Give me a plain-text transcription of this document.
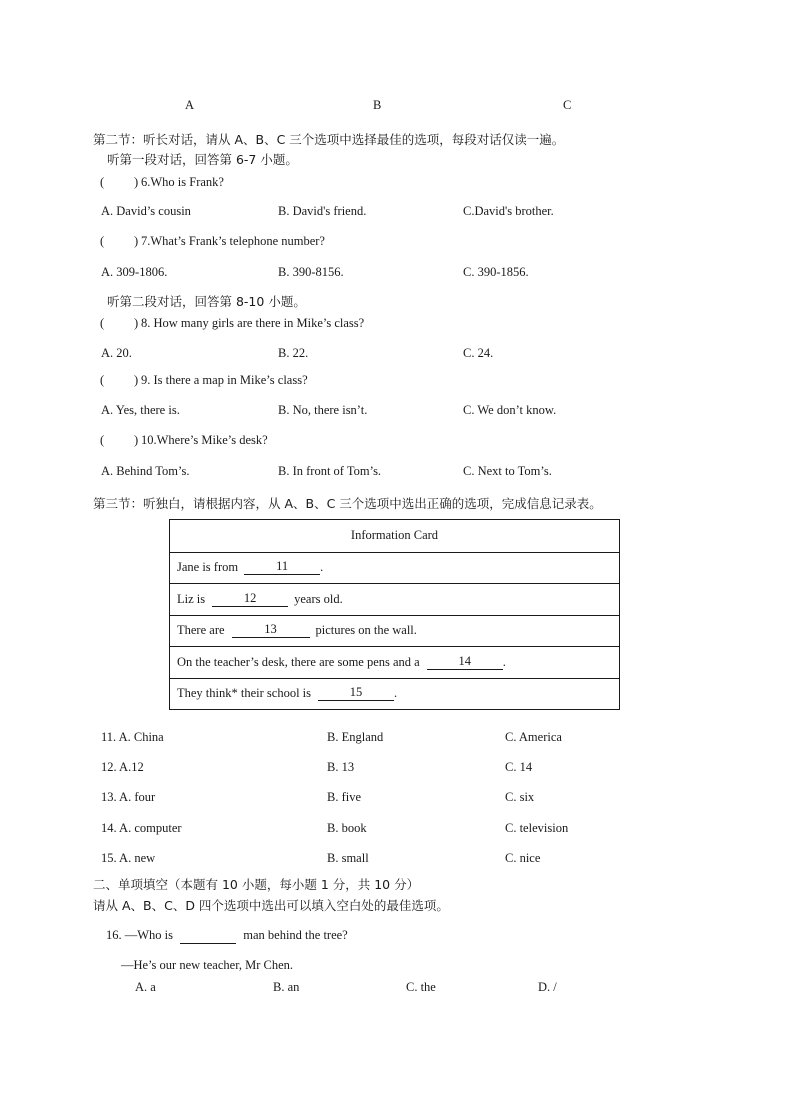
A	B	C
第二节：听长对话，请从 A、B、C 三个选项中选择最佳的选项，每段对话仅读一遍。
听第一段对话，回答第 6-7 小题。
( ) 6.Who is Frank?
A. David’s cousin	B. David's friend.	C.David's brother.
( ) 7.What’s Frank’s telephone number?
A. 309-1806.	B. 390-8156.	C. 390-1856.
听第二段对话，回答第 8-10 小题。
( ) 8. How many girls are there in Mike’s class?
A. 20.	B. 22.	C. 24.
( ) 9. Is there a map in Mike’s class?
A. Yes, there is.	B. No, there isn’t.	C. We don’t know.
( ) 10.Where’s Mike’s desk?
A. Behind Tom’s.	B. In front of Tom’s.	C. Next to Tom’s.
第三节：听独白，请根据内容，从 A、B、C 三个选项中选出正确的选项，完成信息记录表。
Information Card
Jane is from	11	.
Liz is	12	years old.
There are	13	pictures on the wall.
On the teacher’s desk, there are some pens and a	14	.
They think* their school is	15	.
11. A. China	B. England	C. America
12. A.12	B. 13	C. 14
13. A. four	B. five	C. six
14. A. computer	B. book	C. television
15. A. new	B. small	C. nice
二、单项填空（本题有 10 小题，每小题 1 分，共 10 分）
请从 A、B、C、D 四个选项中选出可以填入空白处的最佳选项。
16. —Who is	man behind the tree?
—He’s our new teacher, Mr Chen.
A. a	B. an	C. the	D. /
